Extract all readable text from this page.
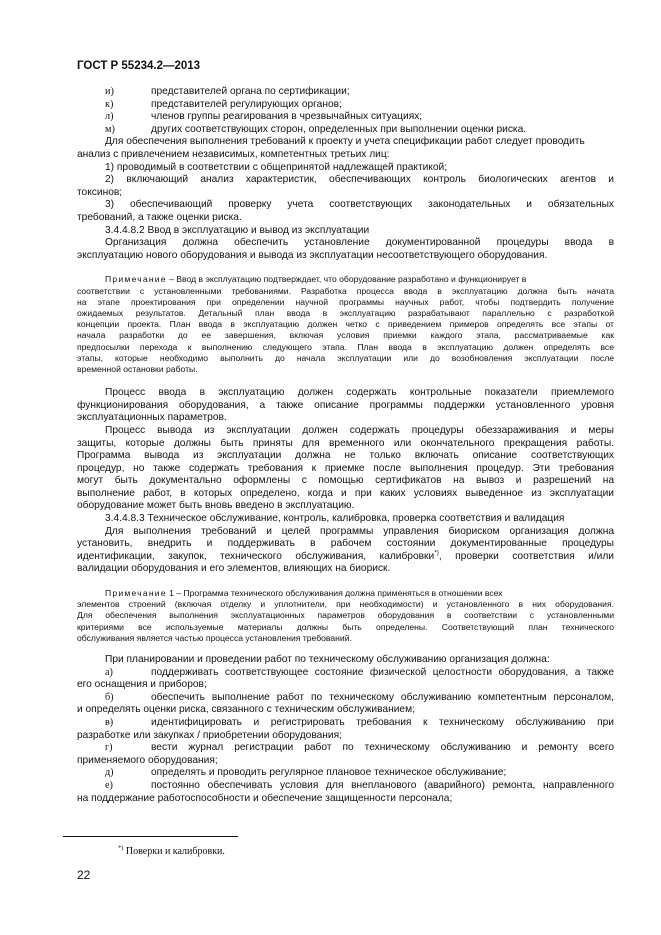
ГОСТ Р 55234.2—2013
и)	представителей органа по сертификации;
к)	представителей регулирующих органов;
л)	членов группы реагирования в чрезвычайных ситуациях;
м)	других соответствующих сторон, определенных при выполнении оценки риска.
Для обеспечения выполнения требований к проекту и учета спецификации работ следует проводить
анализ с привлечением независимых, компетентных третьих лиц:
1) проводимый в соответствии с общепринятой надлежащей практикой;
2) включающий анализ характеристик, обеспечивающих контроль биологических агентов и
токсинов;
3) обеспечивающий проверку учета соответствующих законодательных и обязательных
требований, а также оценки риска.
3.4.4.8.2 Ввод в эксплуатацию и вывод из эксплуатации
Организация должна обеспечить установление документированной процедуры ввода в
эксплуатацию нового оборудования и вывода из эксплуатации несоответствующего оборудования.
Примечание – Ввод в эксплуатацию подтверждает, что оборудование разработано и функционирует в
соответствии с установленными требованиями. Разработка процесса ввода в эксплуатацию должна быть начата
на этапе проектирования при определении научной программы научных работ, чтобы подтвердить получение
ожидаемых результатов. Детальный план ввода в эксплуатацию разрабатывают параллельно с разработкой
концепции проекта. План ввода в эксплуатацию должен четко с приведением примеров определять все этапы от
начала разработки до ее завершения, включая условия приемки каждого этапа, рассматриваемые как
предпосылки перехода к выполнению следующего этапа. План ввода в эксплуатацию должен определять все
этапы, которые необходимо выполнить до начала эксплуатации или до возобновления эксплуатации после
временной остановки работы.
Процесс ввода в эксплуатацию должен содержать контрольные показатели приемлемого
функционирования оборудования, а также описание программы поддержки установленного уровня
эксплуатационных параметров.
Процесс вывода из эксплуатации должен содержать процедуры обеззараживания и меры
защиты, которые должны быть приняты для временного или окончательного прекращения работы.
Программа вывода из эксплуатации должна не только включать описание соответствующих
процедур, но также содержать требования к приемке после выполнения процедур. Эти требования
могут быть документально оформлены с помощью сертификатов на вывоз и разрешений на
выполнение работ, в которых определено, когда и при каких условиях выведенное из эксплуатации
оборудование может быть вновь введено в эксплуатацию.
3.4.4.8.3 Техническое обслуживание, контроль, калибровка, проверка соответствия и валидация
Для выполнения требований и целей программы управления биориском организация должна
установить, внедрить и поддерживать в рабочем состоянии документированные процедуры
идентификации, закупок, технического обслуживания, калибровки*), проверки соответствия и/или
валидации оборудования и его элементов, влияющих на биориск.
Примечание 1 – Программа технического обслуживания должна применяться в отношении всех
элементов строений (включая отделку и уплотнители, при необходимости) и установленного в них оборудования.
Для обеспечения выполнения эксплуатационных параметров оборудования в соответствии с установленными
критериями все используемые материалы должны быть определены. Соответствующий план технического
обслуживания является частью процесса установления требований.
При планировании и проведении работ по техническому обслуживанию организация должна:
а)	поддерживать соответствующее состояние физической целостности оборудования, а также
его оснащения и приборов;
б)	обеспечить выполнение работ по техническому обслуживанию компетентным персоналом,
и определять оценки риска, связанного с техническим обслуживанием;
в)	идентифицировать и регистрировать требования к техническому обслуживанию при
разработке или закупках / приобретении оборудования;
г)	вести журнал регистрации работ по техническому обслуживанию и ремонту всего
применяемого оборудования;
д)	определять и проводить регулярное плановое техническое обслуживание;
е)	постоянно обеспечивать условия для внепланового (аварийного) ремонта, направленного
на поддержание работоспособности и обеспечение защищенности персонала;
*) Поверки и калибровки.
22
